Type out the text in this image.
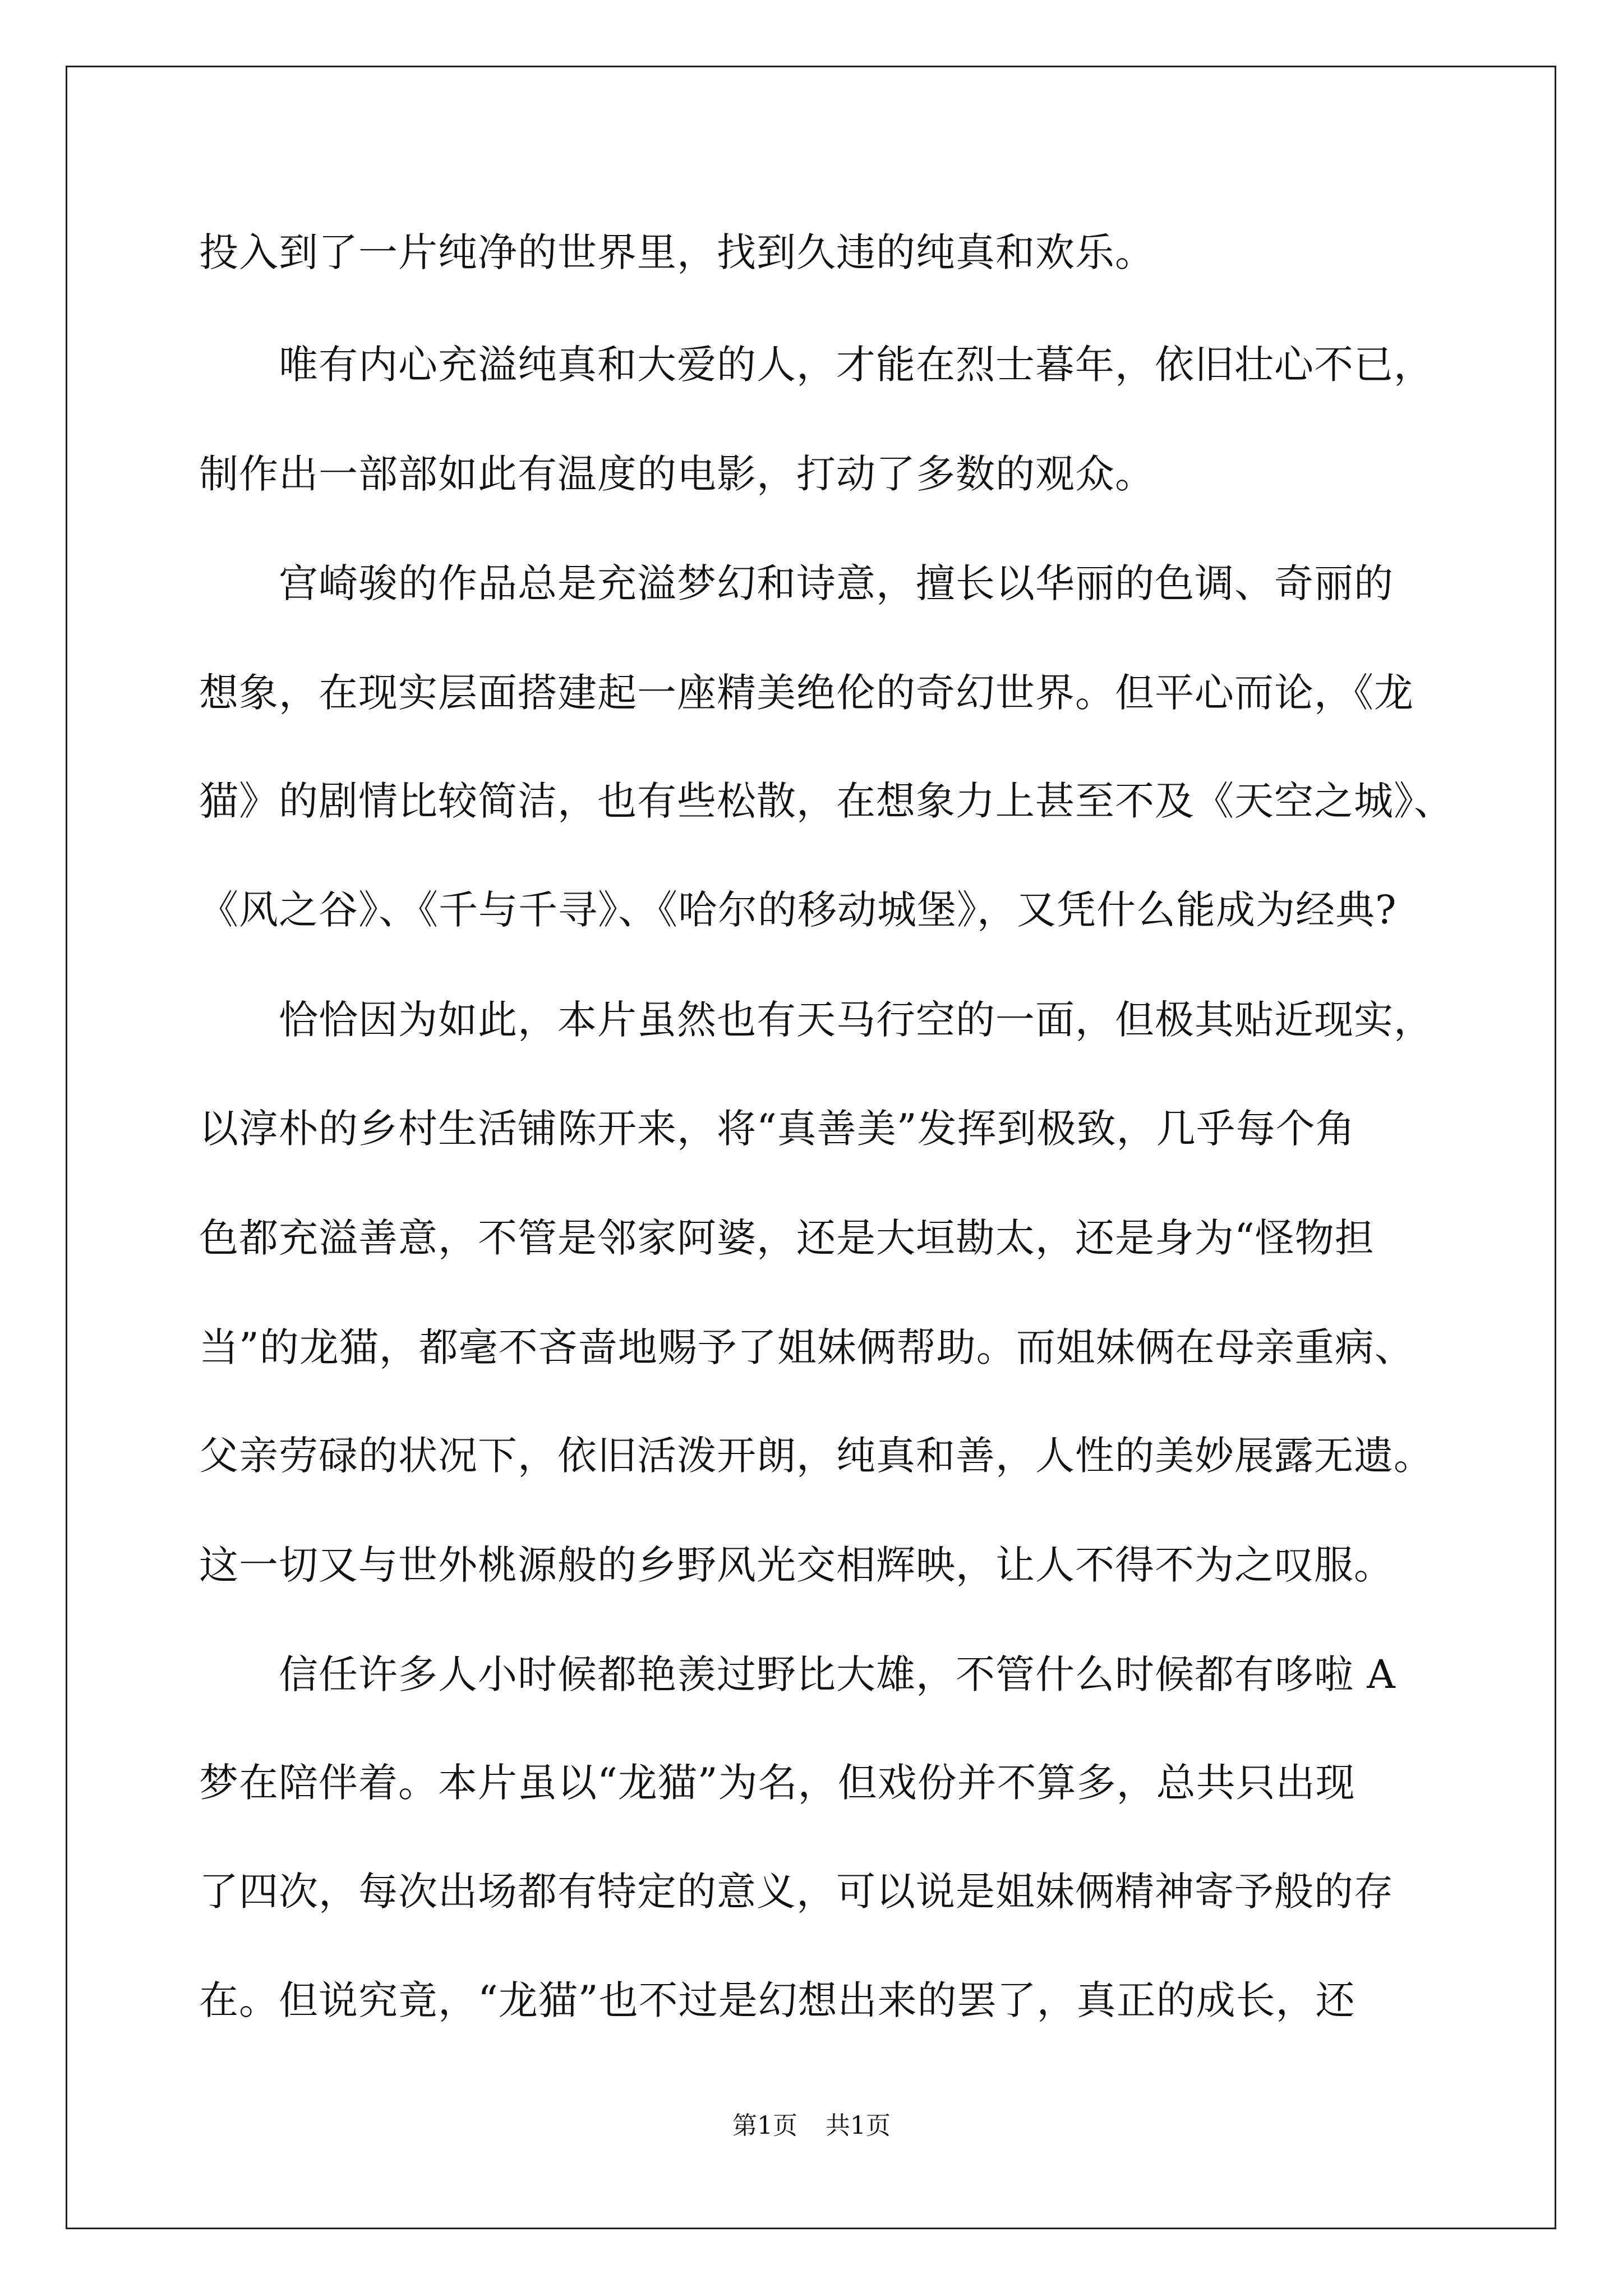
投入到了一片纯净的世界里，找到久违的纯真和欢乐。
　　唯有内心充溢纯真和大爱的人，才能在烈士暮年，依旧壮心不已，
制作出一部部如此有温度的电影，打动了多数的观众。
　　宫崎骏的作品总是充溢梦幻和诗意，擅长以华丽的色调、奇丽的
想象，在现实层面搭建起一座精美绝伦的奇幻世界。但平心而论，《龙
猫》的剧情比较简洁，也有些松散，在想象力上甚至不及《天空之城》、
《风之谷》、《千与千寻》、《哈尔的移动城堡》，又凭什么能成为经典?
　　恰恰因为如此，本片虽然也有天马行空的一面，但极其贴近现实，
以淳朴的乡村生活铺陈开来，将“真善美”发挥到极致，几乎每个角
色都充溢善意，不管是邻家阿婆，还是大垣勘太，还是身为“怪物担
当”的龙猫，都毫不吝啬地赐予了姐妹俩帮助。而姐妹俩在母亲重病、
父亲劳碌的状况下，依旧活泼开朗，纯真和善，人性的美妙展露无遗。
这一切又与世外桃源般的乡野风光交相辉映，让人不得不为之叹服。
　　信任许多人小时候都艳羡过野比大雄，不管什么时候都有哆啦 A
梦在陪伴着。本片虽以“龙猫”为名，但戏份并不算多，总共只出现
了四次，每次出场都有特定的意义，可以说是姐妹俩精神寄予般的存
在。但说究竟，“龙猫”也不过是幻想出来的罢了，真正的成长，还
第1页 共1页
